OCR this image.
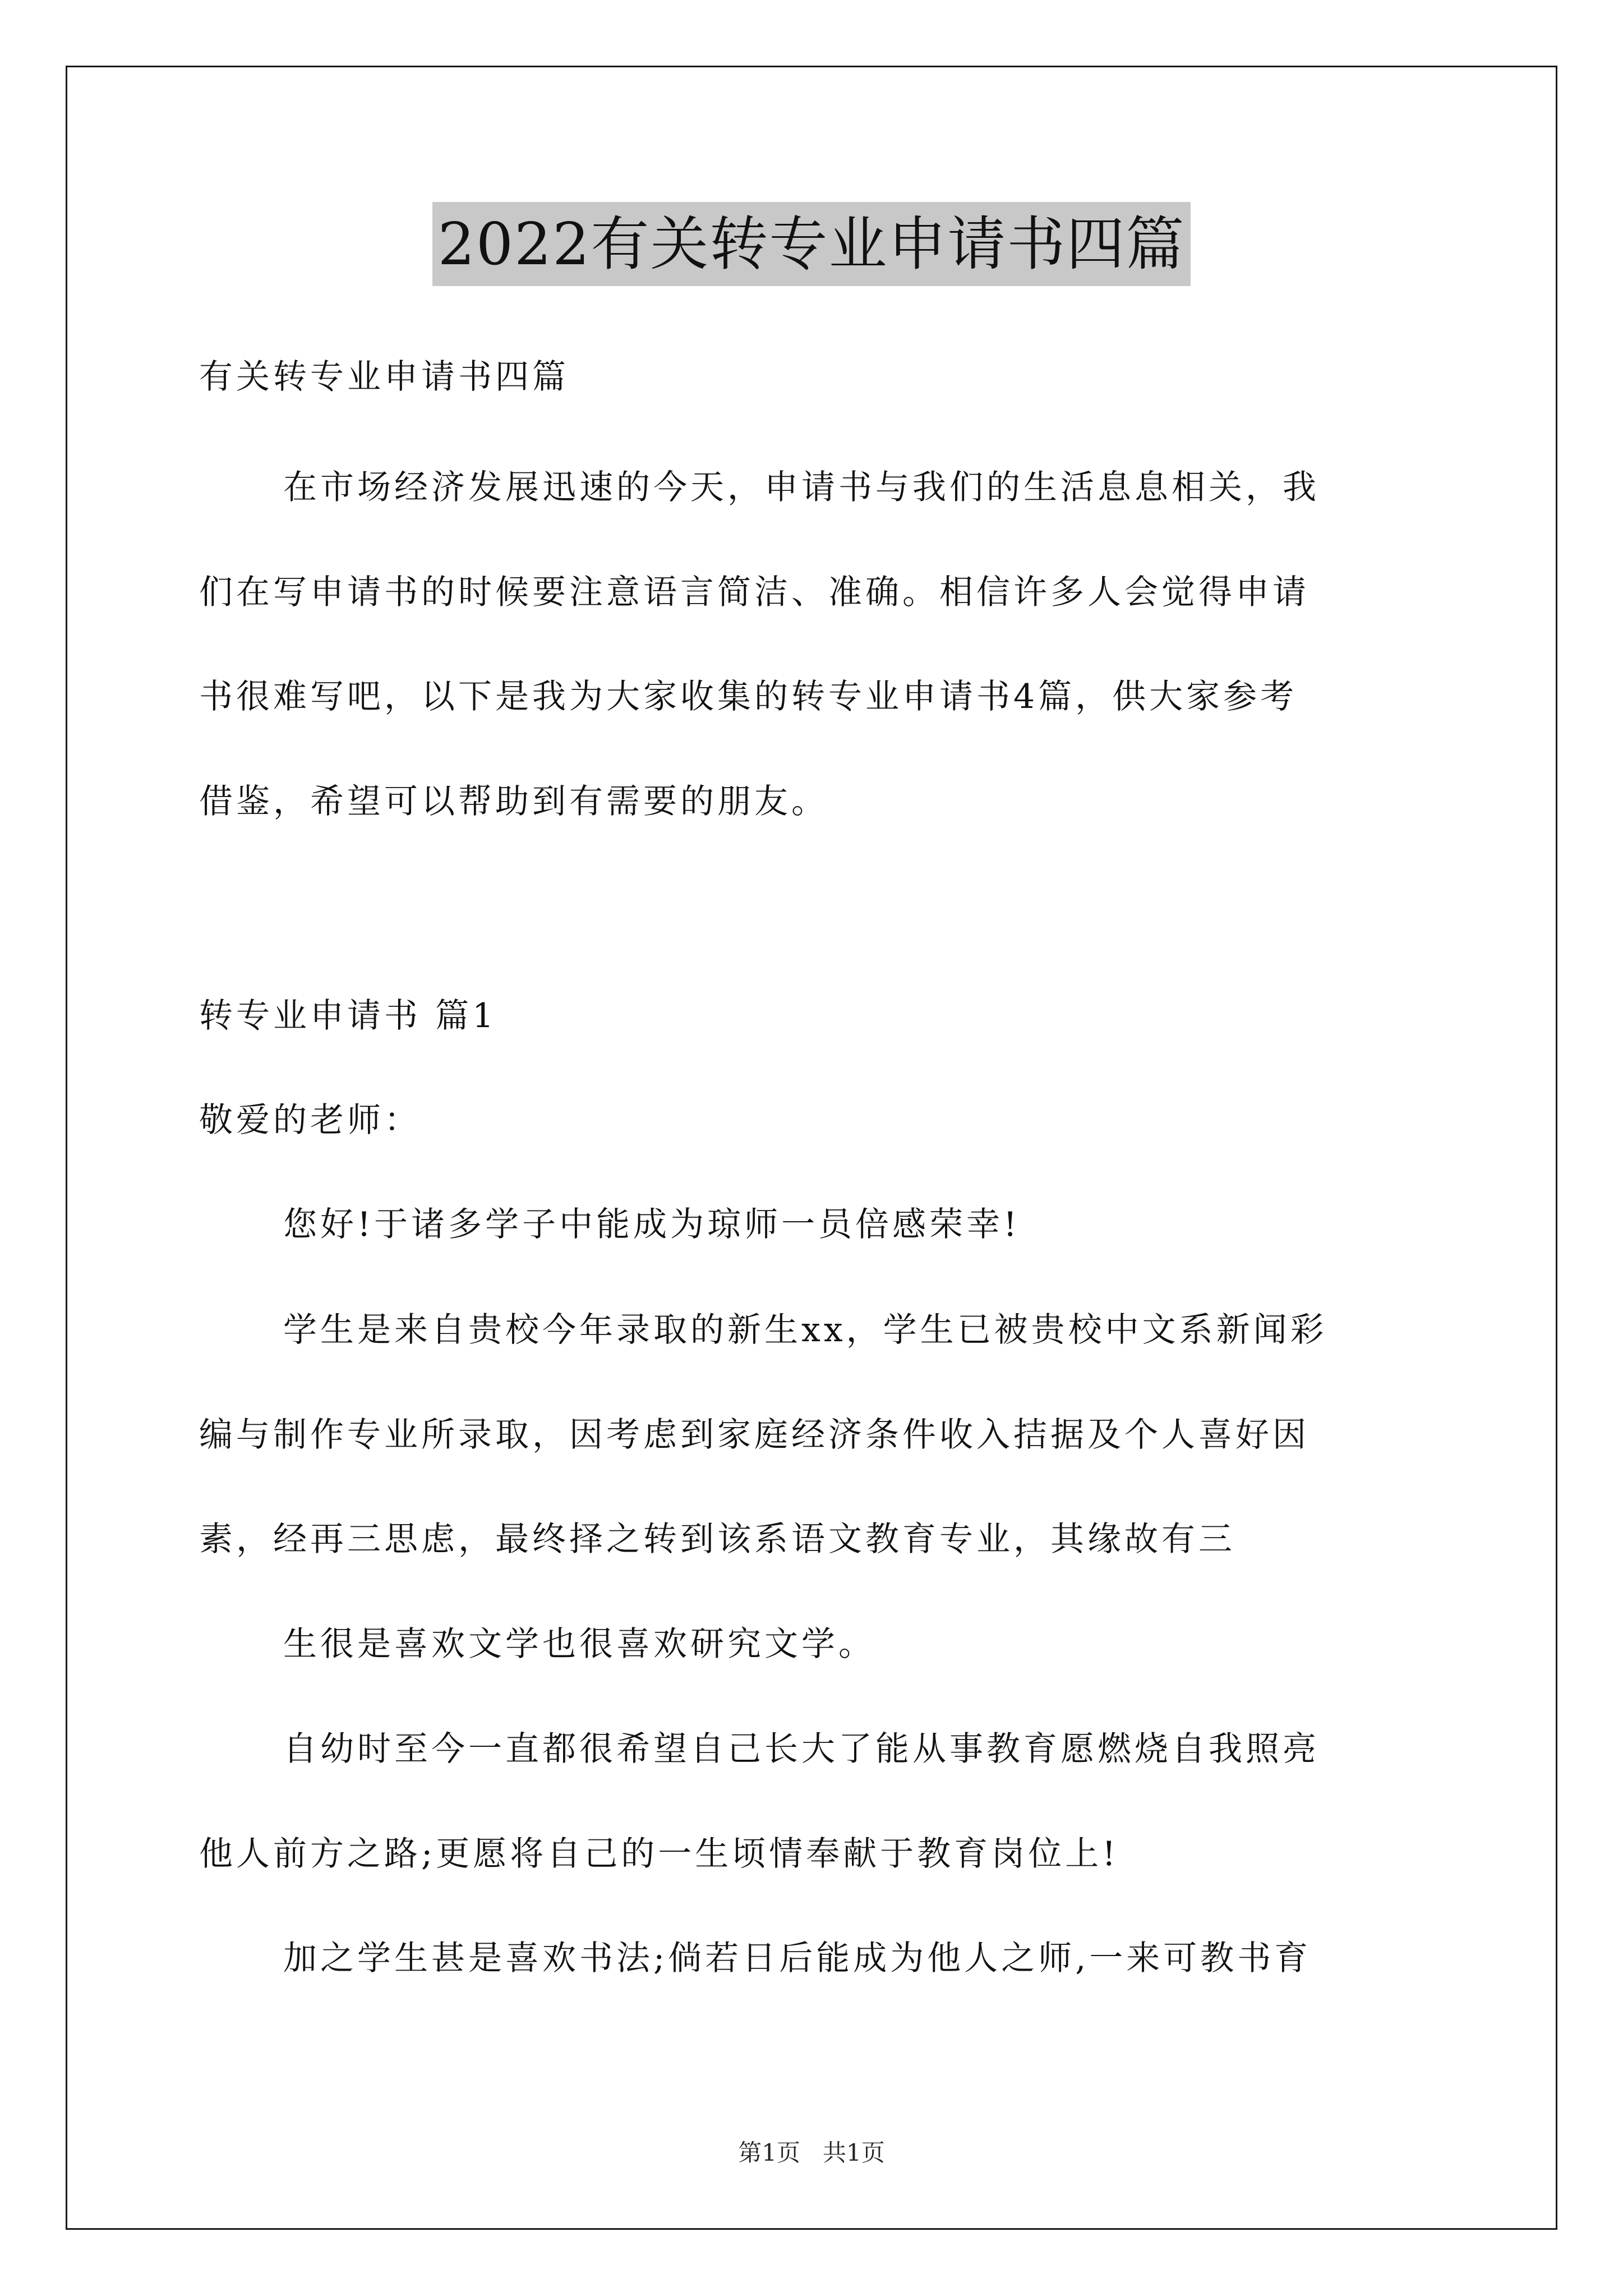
2022有关转专业申请书四篇
有关转专业申请书四篇
在市场经济发展迅速的今天，申请书与我们的生活息息相关，我
们在写申请书的时候要注意语言简洁、准确。相信许多人会觉得申请
书很难写吧，以下是我为大家收集的转专业申请书4篇，供大家参考
借鉴，希望可以帮助到有需要的朋友。
转专业申请书 篇1
敬爱的老师：
您好!于诸多学子中能成为琼师一员倍感荣幸!
学生是来自贵校今年录取的新生xx，学生已被贵校中文系新闻彩
编与制作专业所录取，因考虑到家庭经济条件收入拮据及个人喜好因
素，经再三思虑，最终择之转到该系语文教育专业，其缘故有三
生很是喜欢文学也很喜欢研究文学。
自幼时至今一直都很希望自己长大了能从事教育愿燃烧自我照亮
他人前方之路;更愿将自己的一生顷情奉献于教育岗位上!
加之学生甚是喜欢书法;倘若日后能成为他人之师,一来可教书育
第1页   共1页
